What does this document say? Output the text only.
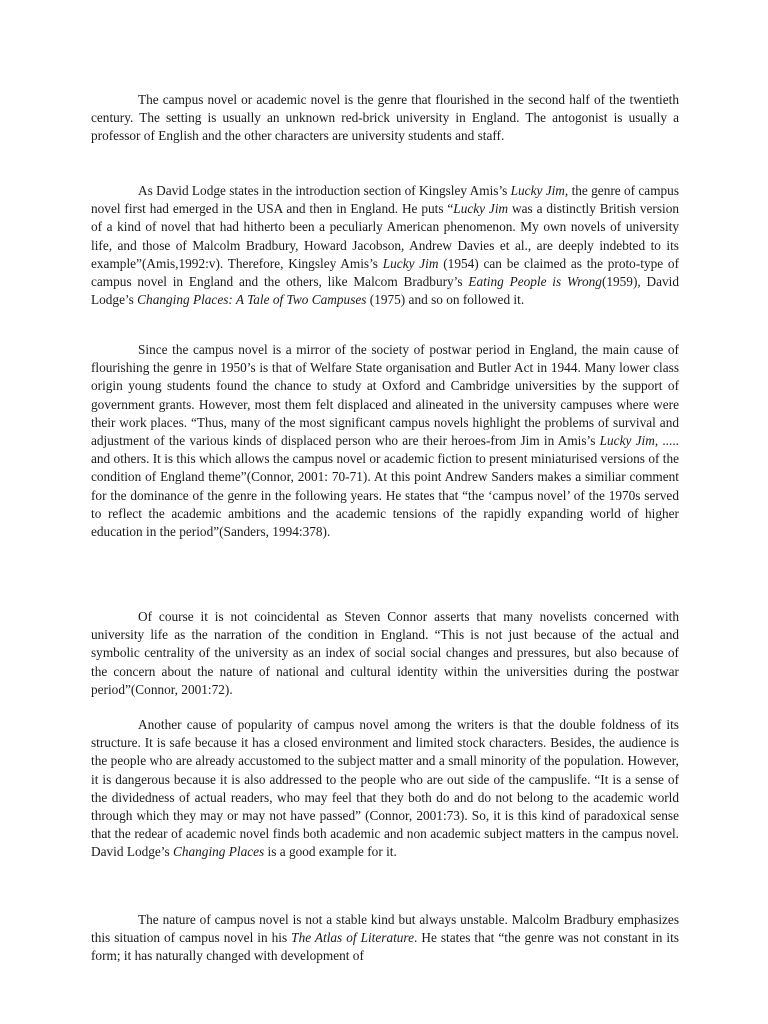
The campus novel or academic novel is the genre that flourished in the second half of the twentieth century. The setting is usually an unknown red-brick university in England. The antogonist is usually a professor of English and the other characters are university students and staff.

As David Lodge states in the introduction section of Kingsley Amis’s Lucky Jim, the genre of campus novel first had emerged in the USA and then in England. He puts “Lucky Jim was a distinctly British version of a kind of novel that had hitherto been a peculiarly American phenomenon. My own novels of university life, and those of Malcolm Bradbury, Howard Jacobson, Andrew Davies et al., are deeply indebted to its example”(Amis,1992:v). Therefore, Kingsley Amis’s Lucky Jim (1954) can be claimed as the proto-type of campus novel in England and the others, like Malcom Bradbury’s Eating People is Wrong(1959), David Lodge’s Changing Places: A Tale of Two Campuses (1975) and so on followed it.

Since the campus novel is a mirror of the society of postwar period in England, the main cause of flourishing the genre in 1950’s is that of Welfare State organisation and Butler Act in 1944. Many lower class origin young students found the chance to study at Oxford and Cambridge universities by the support of government grants. However, most them felt displaced and alineated in the university campuses where were their work places. “Thus, many of the most significant campus novels highlight the problems of survival and adjustment of the various kinds of displaced person who are their heroes-from Jim in Amis’s Lucky Jim, ..... and others. It is this which allows the campus novel or academic fiction to present miniaturised versions of the condition of England theme”(Connor, 2001: 70-71). At this point Andrew Sanders makes a similiar comment for the dominance of the genre in the following years. He states that “the ‘campus novel’ of the 1970s served to reflect the academic ambitions and the academic tensions of the rapidly expanding world of higher education in the period”(Sanders, 1994:378).

Of course it is not coincidental as Steven Connor asserts that many novelists concerned with university life as the narration of the condition in England. “This is not just because of the actual and symbolic centrality of the university as an index of social social changes and pressures, but also because of the concern about the nature of national and cultural identity within the universities during the postwar period”(Connor, 2001:72).

Another cause of popularity of campus novel among the writers is that the double foldness of its structure. It is safe because it has a closed environment and limited stock characters. Besides, the audience is the people who are already accustomed to the subject matter and a small minority of the population. However, it is dangerous because it is also addressed to the people who are out side of the campuslife. “It is a sense of the dividedness of actual readers, who may feel that they both do and do not belong to the academic world through which they may or may not have passed” (Connor, 2001:73). So, it is this kind of paradoxical sense that the redear of academic novel finds both academic and non academic subject matters in the campus novel. David Lodge’s Changing Places is a good example for it.

The nature of campus novel is not a stable kind but always unstable. Malcolm Bradbury emphasizes this situation of campus novel in his The Atlas of Literature. He states that “the genre was not constant in its form; it has naturally changed with development of
